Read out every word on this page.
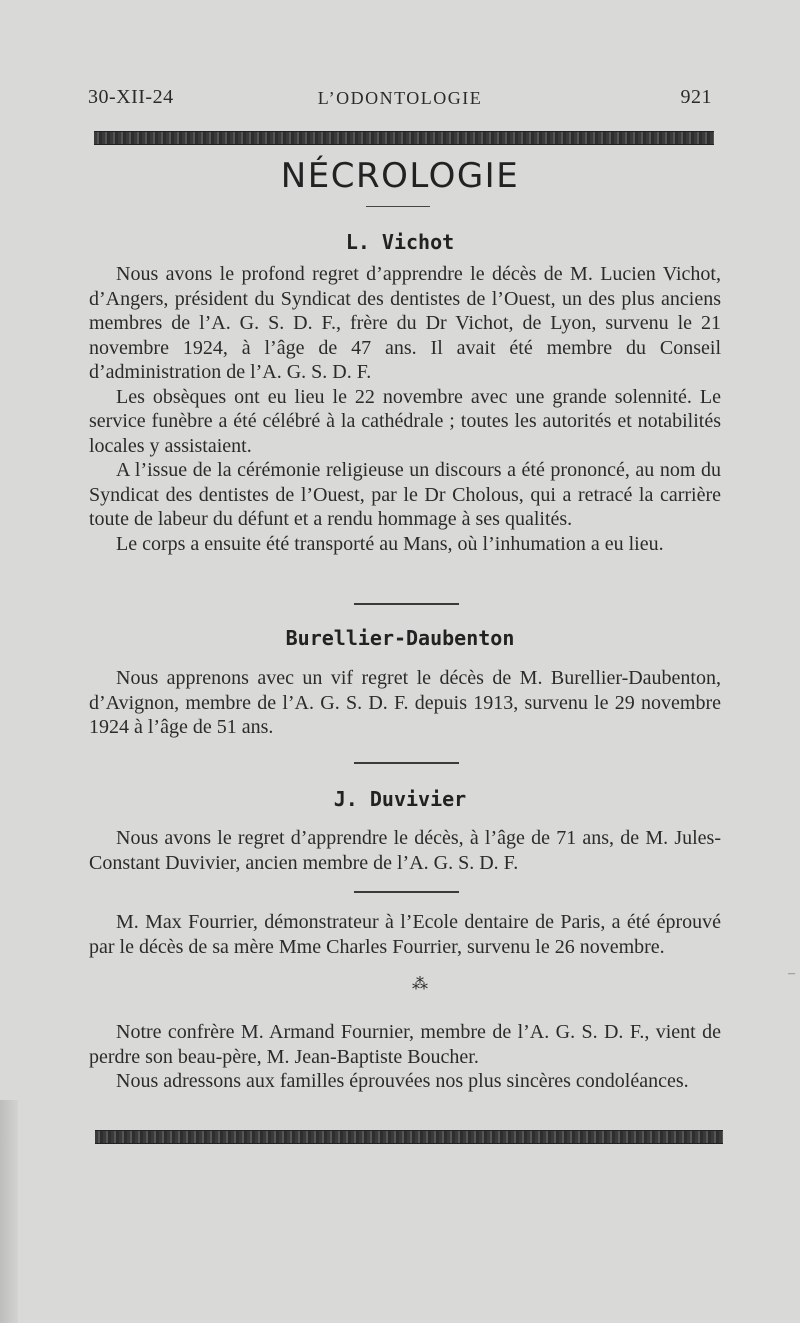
30-XII-24	L’ODONTOLOGIE	921
NÉCROLOGIE
L. Vichot

Nous avons le profond regret d’apprendre le décès de M. Lucien Vichot, d’Angers, président du Syndicat des dentistes de l’Ouest, un des plus anciens membres de l’A. G. S. D. F., frère du Dr Vichot, de Lyon, survenu le 21 novembre 1924, à l’âge de 47 ans. Il avait été membre du Conseil d’administration de l’A. G. S. D. F.

Les obsèques ont eu lieu le 22 novembre avec une grande solennité. Le service funèbre a été célébré à la cathédrale ; toutes les autorités et notabilités locales y assistaient.

A l’issue de la cérémonie religieuse un discours a été prononcé, au nom du Syndicat des dentistes de l’Ouest, par le Dr Cholous, qui a retracé la carrière toute de labeur du défunt et a rendu hommage à ses qualités.

Le corps a ensuite été transporté au Mans, où l’inhumation a eu lieu.

Burellier-Daubenton

Nous apprenons avec un vif regret le décès de M. Burellier-Daubenton, d’Avignon, membre de l’A. G. S. D. F. depuis 1913, survenu le 29 novembre 1924 à l’âge de 51 ans.

J. Duvivier

Nous avons le regret d’apprendre le décès, à l’âge de 71 ans, de M. Jules-Constant Duvivier, ancien membre de l’A. G. S. D. F.

M. Max Fourrier, démonstrateur à l’Ecole dentaire de Paris, a été éprouvé par le décès de sa mère Mme Charles Fourrier, survenu le 26 novembre.

⁂
–

Notre confrère M. Armand Fournier, membre de l’A. G. S. D. F., vient de perdre son beau-père, M. Jean-Baptiste Boucher.

Nous adressons aux familles éprouvées nos plus sincères condoléances.
